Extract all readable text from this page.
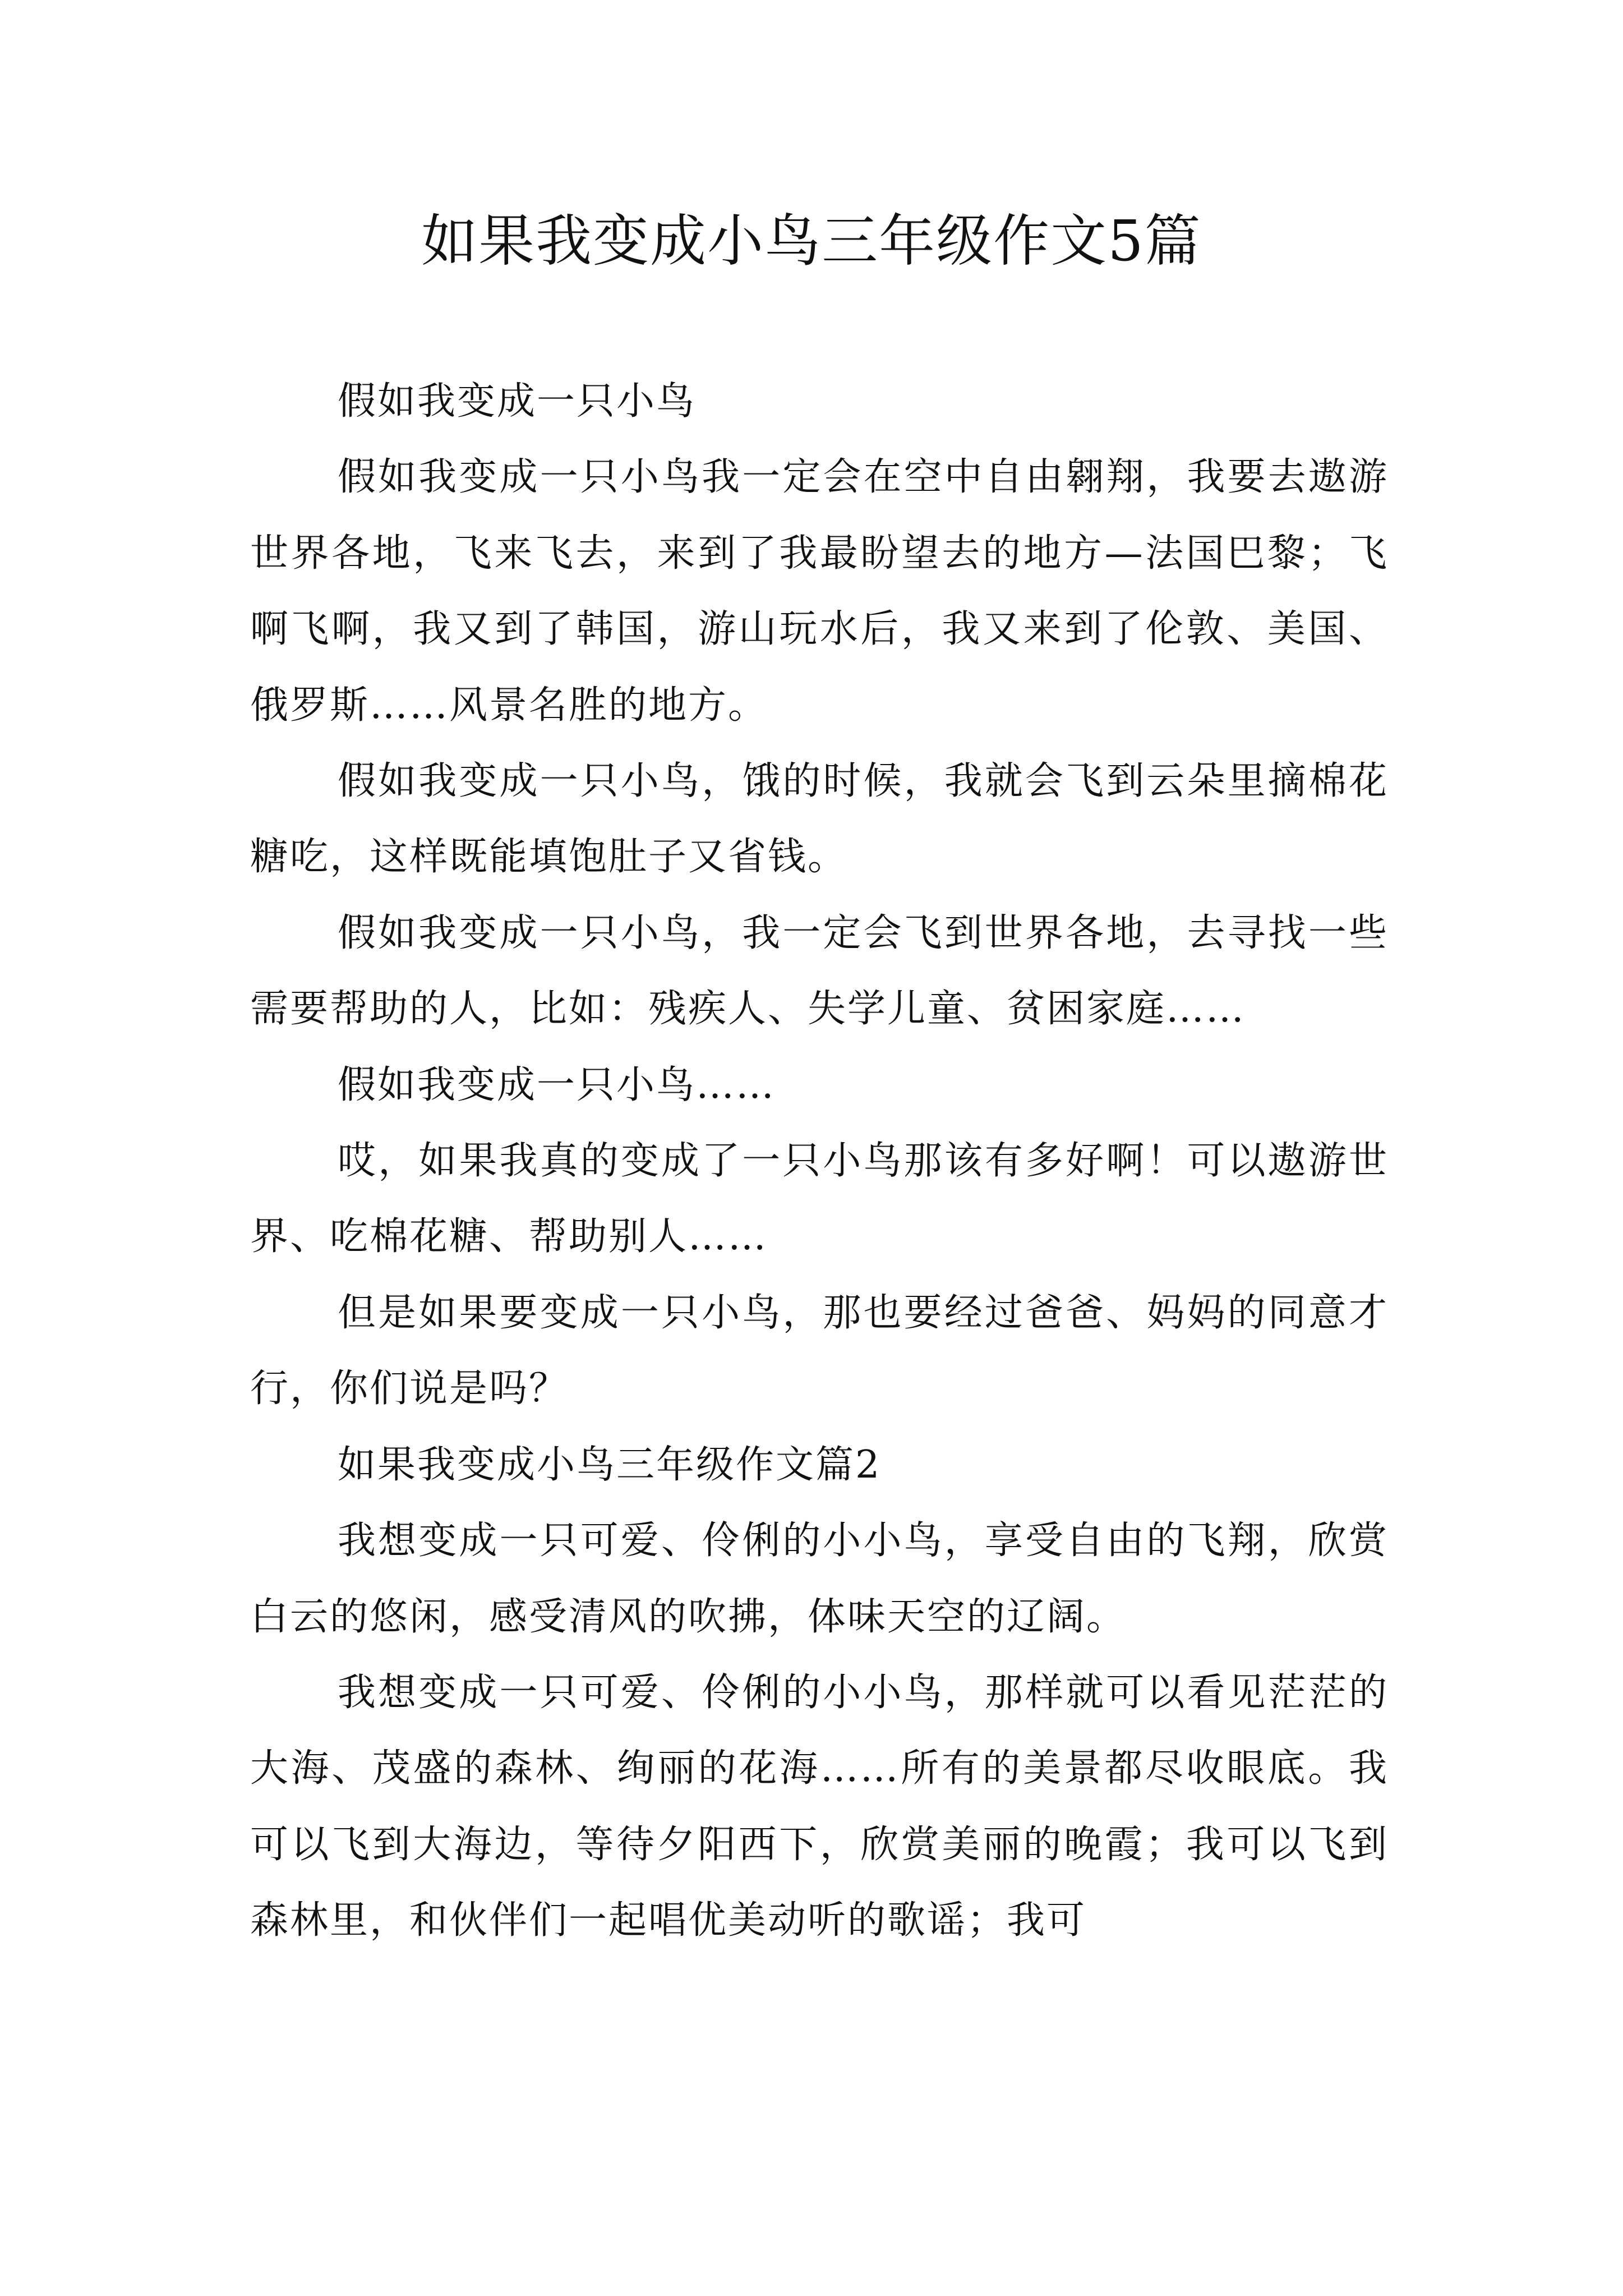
如果我变成小鸟三年级作文5篇

假如我变成一只小鸟

假如我变成一只小鸟我一定会在空中自由翱翔，我要去遨游世界各地，飞来飞去，来到了我最盼望去的地方—法国巴黎；飞啊飞啊，我又到了韩国，游山玩水后，我又来到了伦敦、美国、俄罗斯……风景名胜的地方。

假如我变成一只小鸟，饿的时候，我就会飞到云朵里摘棉花糖吃，这样既能填饱肚子又省钱。

假如我变成一只小鸟，我一定会飞到世界各地，去寻找一些需要帮助的人，比如：残疾人、失学儿童、贫困家庭……

假如我变成一只小鸟……

哎，如果我真的变成了一只小鸟那该有多好啊！可以遨游世界、吃棉花糖、帮助别人……

但是如果要变成一只小鸟，那也要经过爸爸、妈妈的同意才行，你们说是吗？

如果我变成小鸟三年级作文篇2

我想变成一只可爱、伶俐的小小鸟，享受自由的飞翔，欣赏白云的悠闲，感受清风的吹拂，体味天空的辽阔。

我想变成一只可爱、伶俐的小小鸟，那样就可以看见茫茫的大海、茂盛的森林、绚丽的花海……所有的美景都尽收眼底。我可以飞到大海边，等待夕阳西下，欣赏美丽的晚霞；我可以飞到森林里，和伙伴们一起唱优美动听的歌谣；我可
